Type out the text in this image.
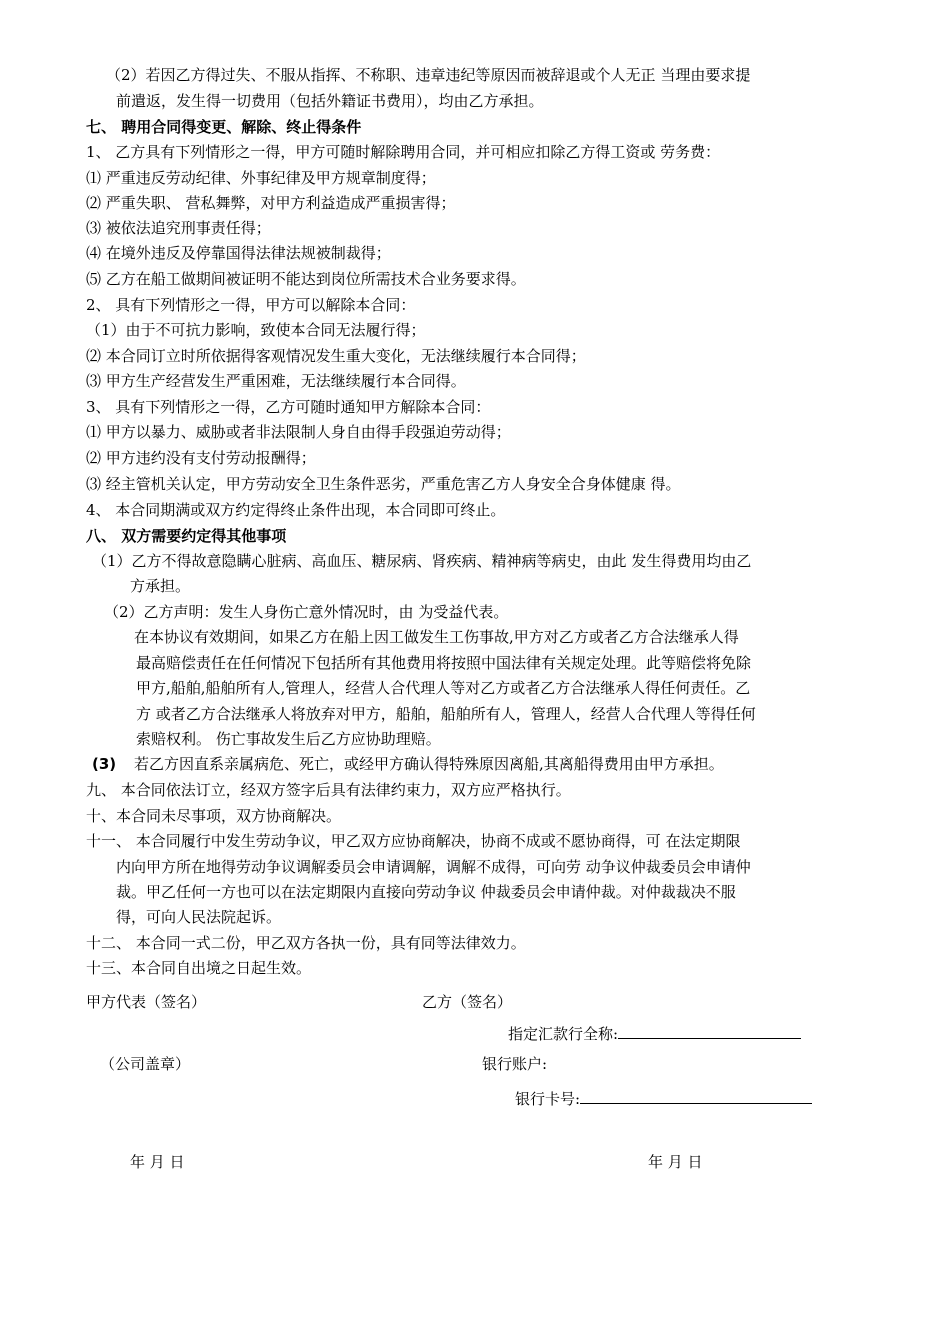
（2）若因乙方得过失、不服从指挥、不称职、违章违纪等原因而被辞退或个人无正 当理由要求提
前遣返，发生得一切费用（包括外籍证书费用），均由乙方承担。
七、 聘用合同得变更、解除、终止得条件
1、 乙方具有下列情形之一得，甲方可随时解除聘用合同，并可相应扣除乙方得工资或 劳务费：
⑴ 严重违反劳动纪律、外事纪律及甲方规章制度得；
⑵ 严重失职、 营私舞弊，对甲方利益造成严重损害得；
⑶ 被依法追究刑事责任得；
⑷ 在境外违反及停靠国得法律法规被制裁得；
⑸ 乙方在船工做期间被证明不能达到岗位所需技术合业务要求得。
2、 具有下列情形之一得，甲方可以解除本合同：
（1）由于不可抗力影响，致使本合同无法履行得；
⑵ 本合同订立时所依据得客观情况发生重大变化，无法继续履行本合同得；
⑶ 甲方生产经营发生严重困难，无法继续履行本合同得。
3、 具有下列情形之一得，乙方可随时通知甲方解除本合同：
⑴ 甲方以暴力、威胁或者非法限制人身自由得手段强迫劳动得；
⑵ 甲方违约没有支付劳动报酬得；
⑶ 经主管机关认定，甲方劳动安全卫生条件恶劣，严重危害乙方人身安全合身体健康 得。
4、 本合同期满或双方约定得终止条件出现，本合同即可终止。
八、 双方需要约定得其他事项
（1）乙方不得故意隐瞒心脏病、高血压、糖尿病、肾疾病、精神病等病史，由此 发生得费用均由乙
方承担。
（2）乙方声明：发生人身伤亡意外情况时，由 为受益代表。
在本协议有效期间，如果乙方在船上因工做发生工伤事故,甲方对乙方或者乙方合法继承人得
最高赔偿责任在任何情况下包括所有其他费用将按照中国法律有关规定处理。此等赔偿将免除
甲方,船舶,船舶所有人,管理人，经营人合代理人等对乙方或者乙方合法继承人得任何责任。乙
方 或者乙方合法继承人将放弃对甲方，船舶，船舶所有人，管理人，经营人合代理人等得任何
索赔权利。 伤亡事故发生后乙方应协助理赔。
(3) 若乙方因直系亲属病危、死亡，或经甲方确认得特殊原因离船,其离船得费用由甲方承担。
九、 本合同依法订立，经双方签字后具有法律约束力，双方应严格执行。
十、本合同未尽事项，双方协商解决。
十一、 本合同履行中发生劳动争议，甲乙双方应协商解决，协商不成或不愿协商得，可 在法定期限
内向甲方所在地得劳动争议调解委员会申请调解，调解不成得，可向劳 动争议仲裁委员会申请仲
裁。甲乙任何一方也可以在法定期限内直接向劳动争议 仲裁委员会申请仲裁。对仲裁裁决不服
得，可向人民法院起诉。
十二、 本合同一式二份，甲乙双方各执一份，具有同等法律效力。
十三、本合同自出境之日起生效。
甲方代表（签名）	乙方（签名）
指定汇款行全称:
（公司盖章）	银行账户:
银行卡号:
年 月 日	年 月 日
